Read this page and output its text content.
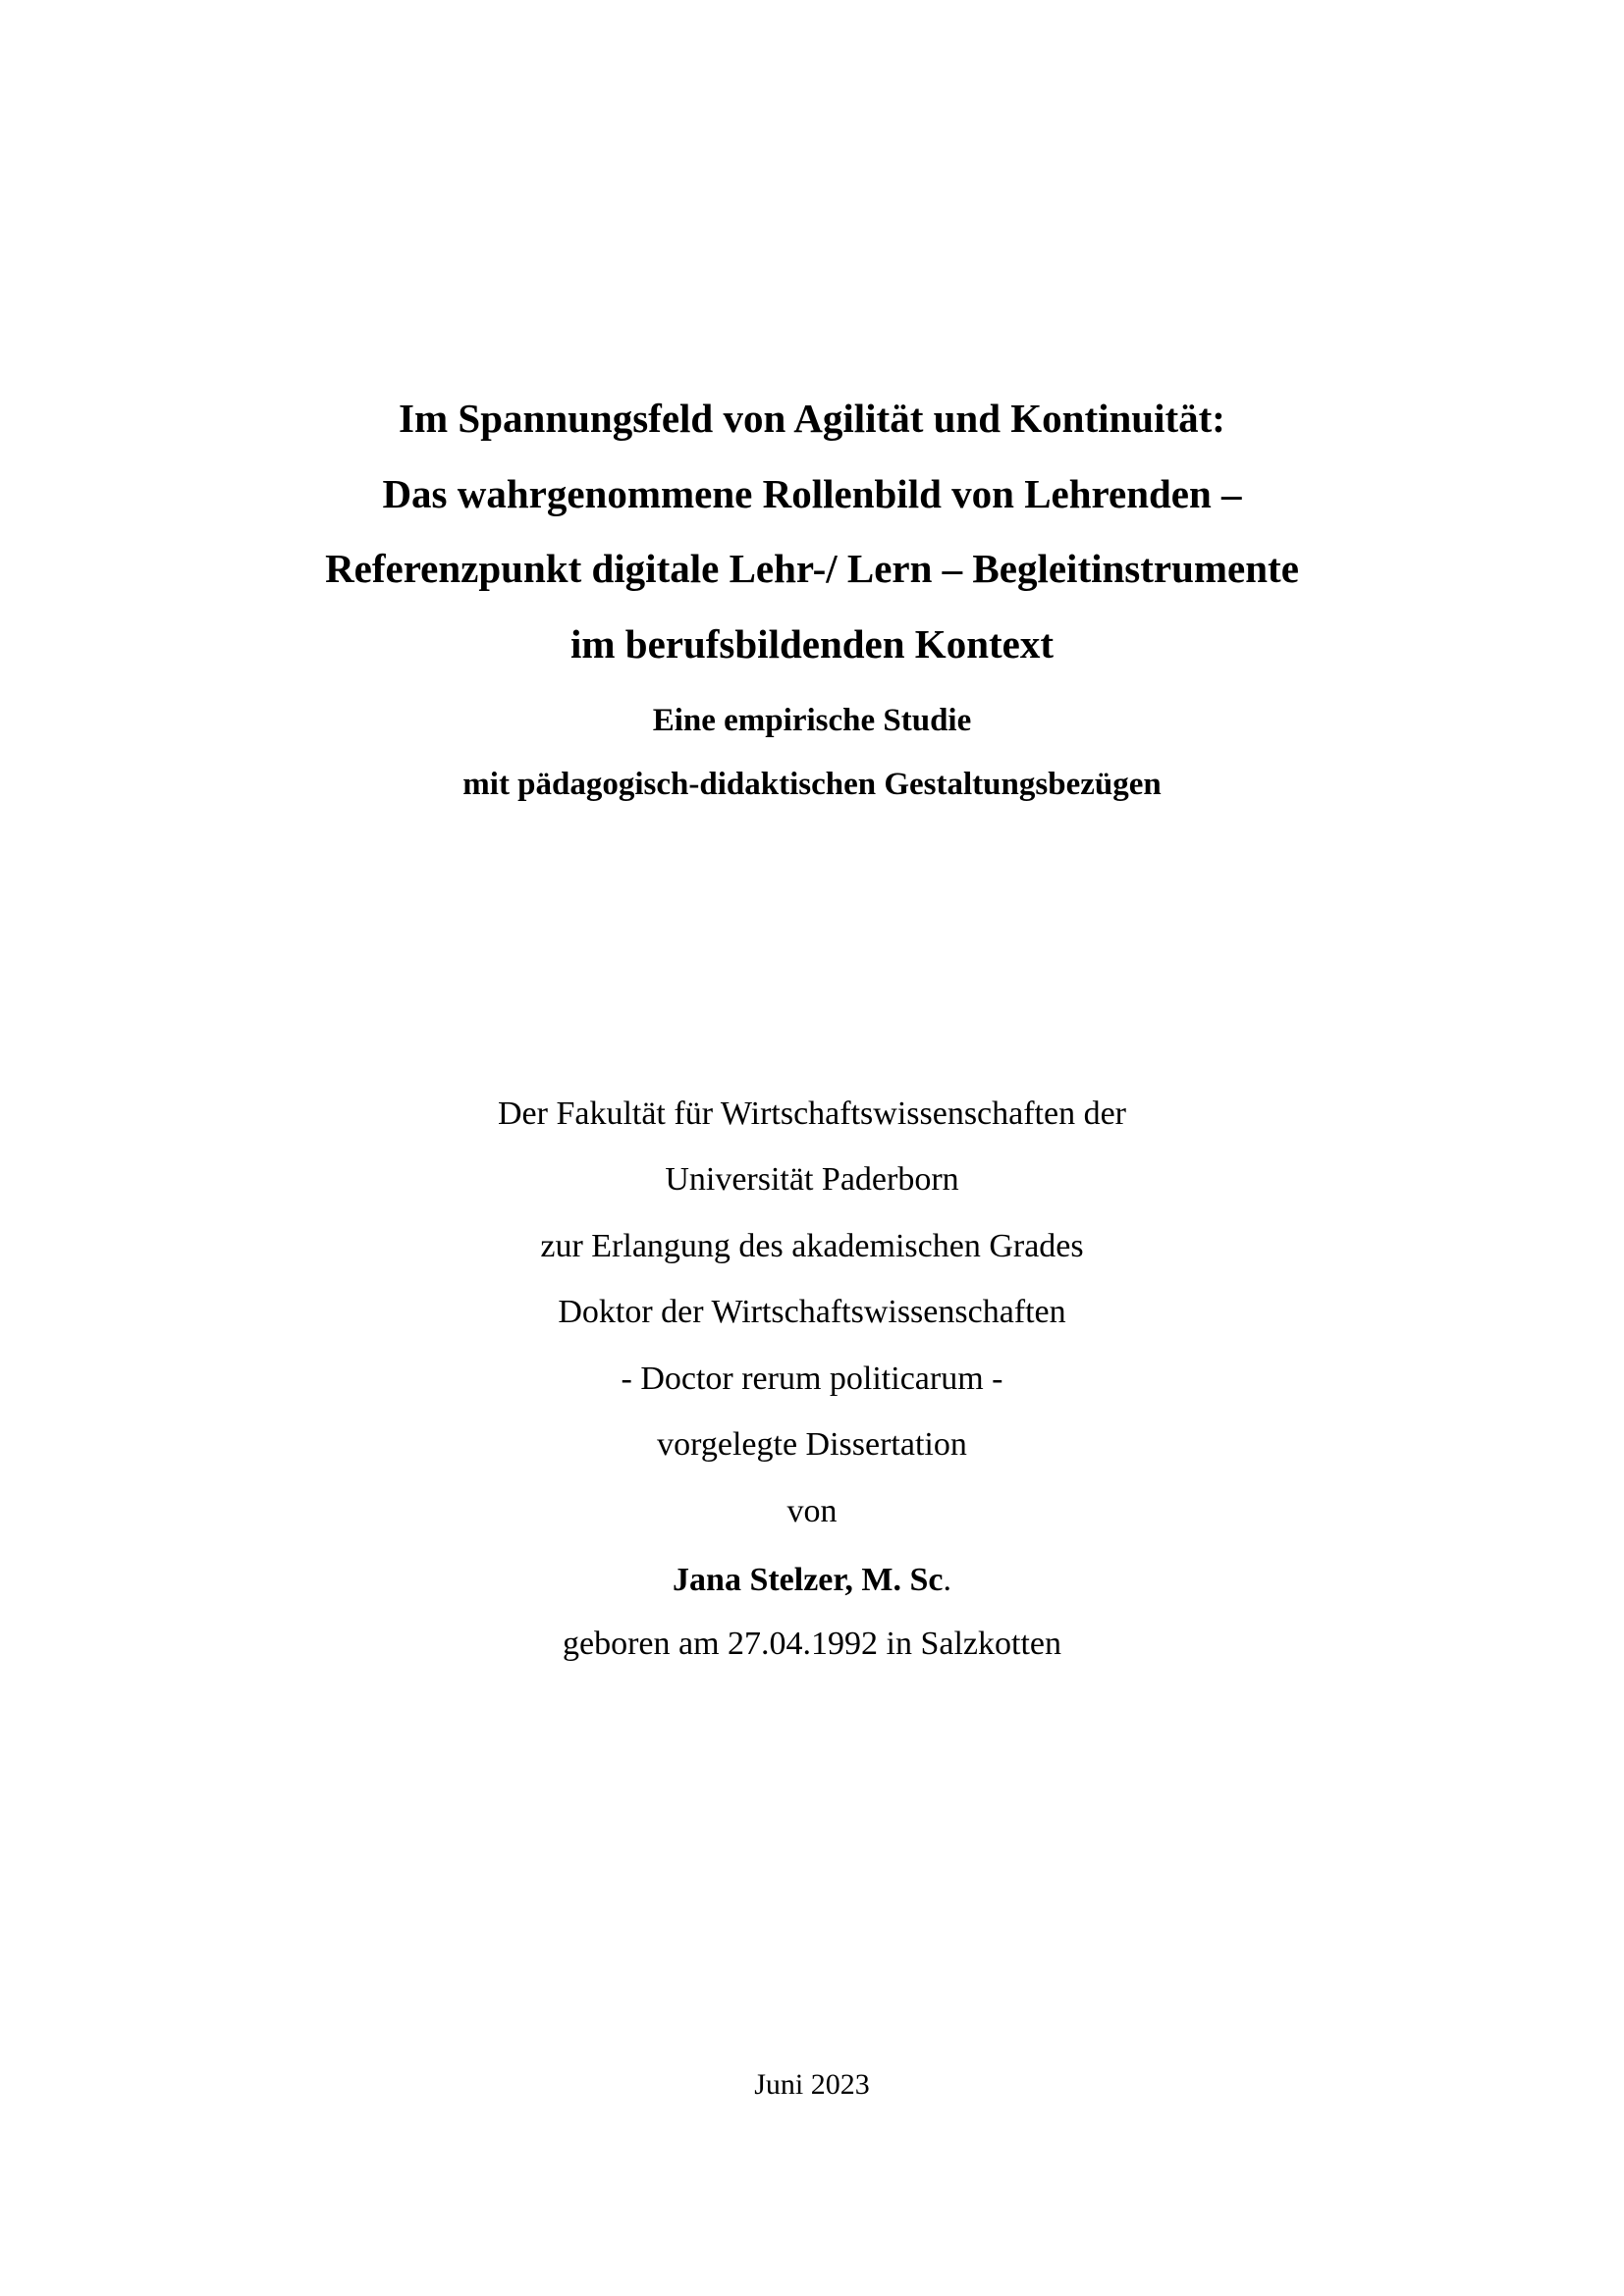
Im Spannungsfeld von Agilität und Kontinuität:
Das wahrgenommene Rollenbild von Lehrenden –
Referenzpunkt digitale Lehr-/ Lern – Begleitinstrumente
im berufsbildenden Kontext
Eine empirische Studie
mit pädagogisch-didaktischen Gestaltungsbezügen
Der Fakultät für Wirtschaftswissenschaften der
Universität Paderborn
zur Erlangung des akademischen Grades
Doktor der Wirtschaftswissenschaften
- Doctor rerum politicarum -
vorgelegte Dissertation
von
Jana Stelzer, M. Sc.
geboren am 27.04.1992 in Salzkotten
Juni 2023
